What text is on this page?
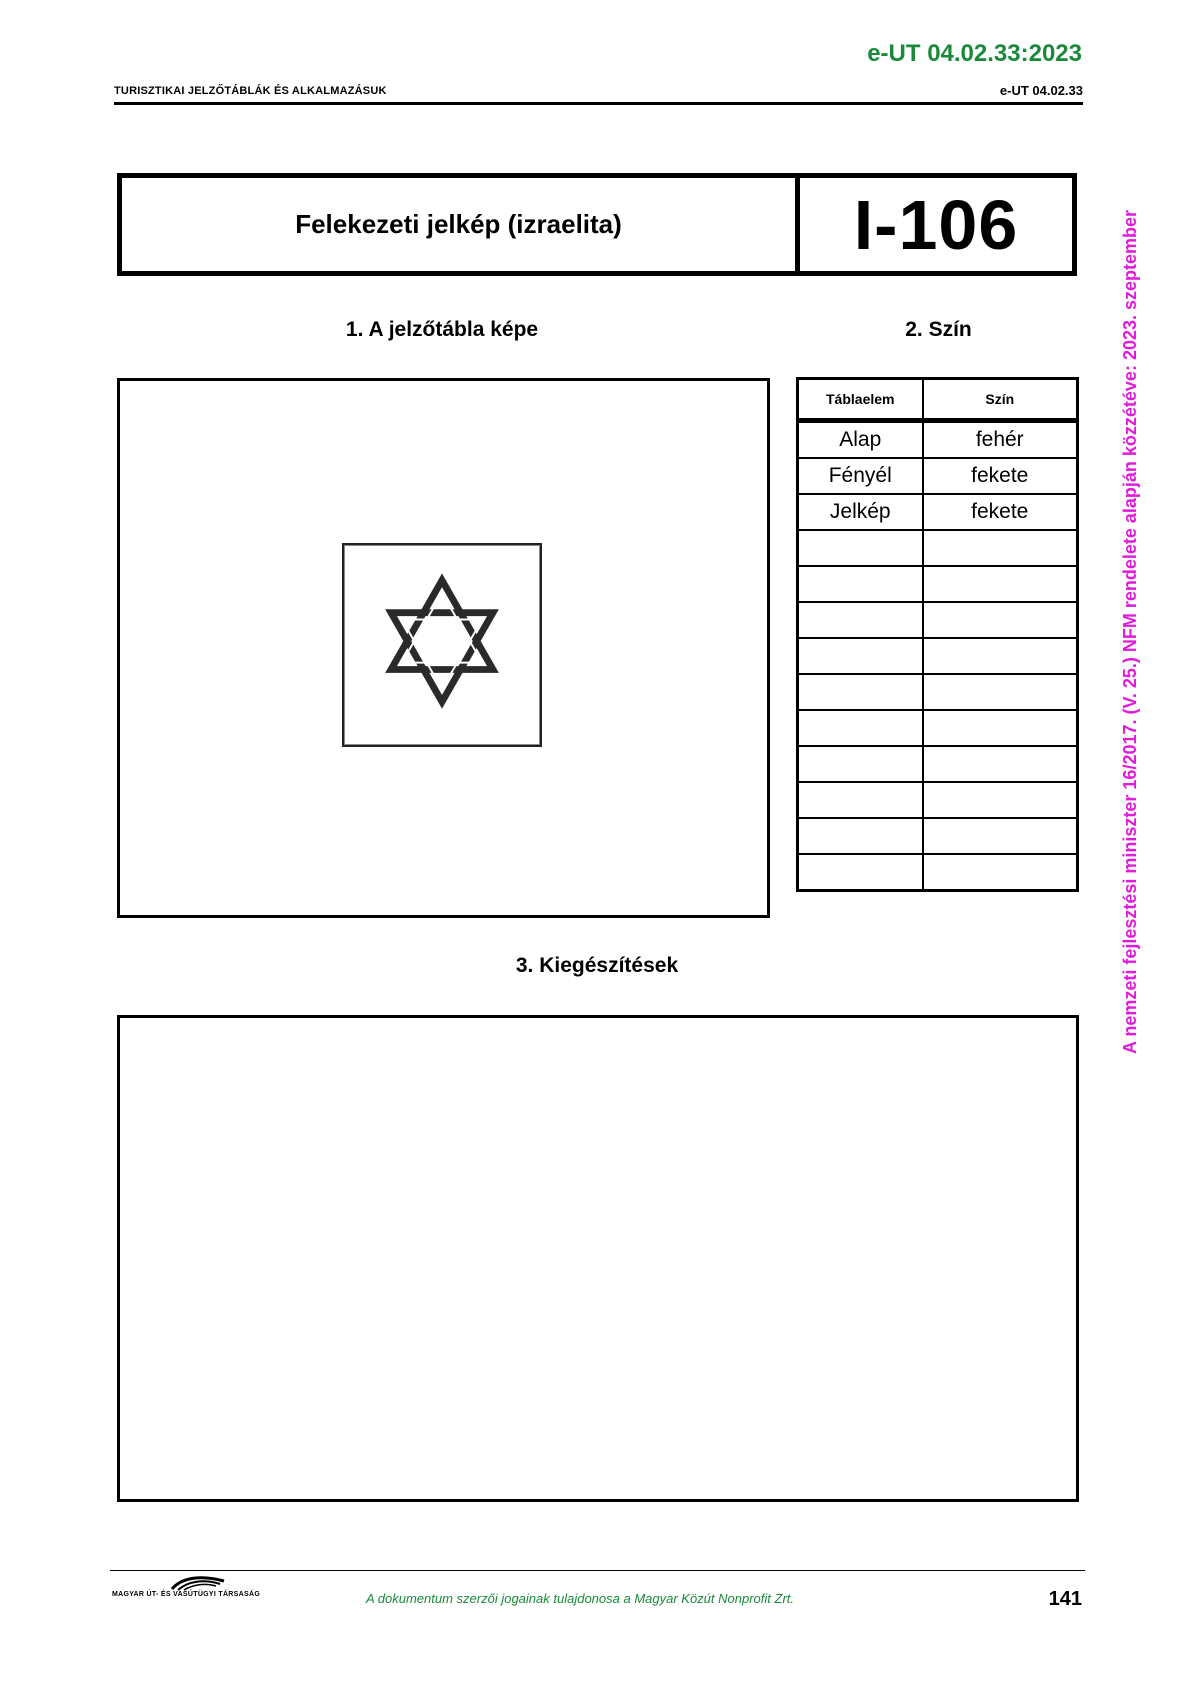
e-UT 04.02.33:2023
TURISZTIKAI JELZŐTÁBLÁK ÉS ALKALMAZÁSUK	e-UT 04.02.33
Felekezeti jelkép (izraelita)	I-106
1. A jelzőtábla képe	2. Szín
Táblaelem	Szín
Alap	fehér
Fényél	fekete
Jelkép	fekete

3. Kiegészítések
MAGYAR ÚT- ÉS VASÚTÜGYI TÁRSASÁG	A dokumentum szerzői jogainak tulajdonosa a Magyar Közút Nonprofit Zrt.	141
A nemzeti fejlesztési miniszter 16/2017. (V. 25.) NFM rendelete alapján közzétéve: 2023. szeptember
